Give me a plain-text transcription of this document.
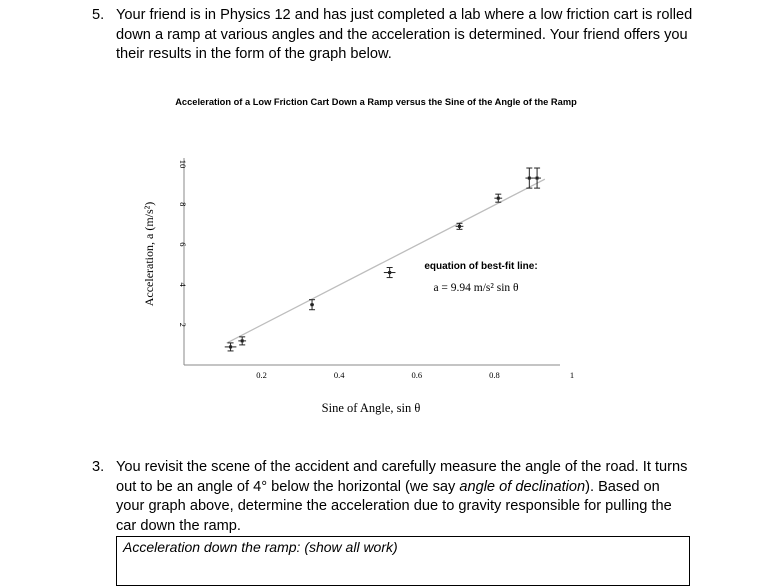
5. Your friend is in Physics 12 and has just completed a lab where a low friction cart is rolled down a ramp at various angles and the acceleration is determined. Your friend offers you their results in the form of the graph below.
Acceleration of a Low Friction Cart Down a Ramp versus the Sine of the Angle of the Ramp
0.2	0.4	0.6	0.8	1
2
4
6
8
10
equation of best-fit line:
a = 9.94 m/s² sin θ
Sine of Angle, sin θ
Acceleration, a (m/s²)
3. You revisit the scene of the accident and carefully measure the angle of the road. It turns out to be an angle of 4° below the horizontal (we say angle of declination). Based on your graph above, determine the acceleration due to gravity responsible for pulling the car down the ramp.
Acceleration down the ramp: (show all work)
